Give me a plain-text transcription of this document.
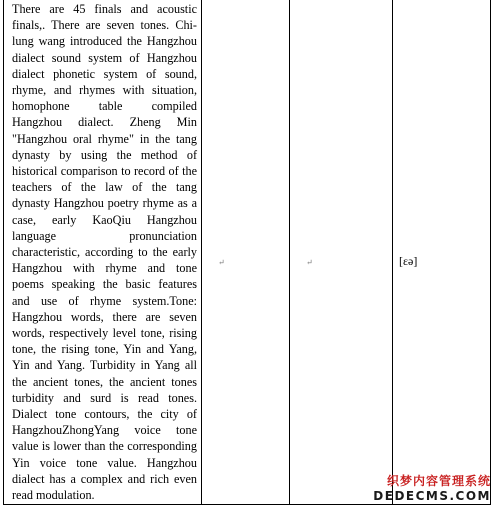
There are 45 finals and acoustic finals,. There are seven tones. Chi-lung wang introduced the Hangzhou dialect sound system of Hangzhou dialect phonetic system of sound, rhyme, and rhymes with situation, homophone table compiled Hangzhou dialect. Zheng Min "Hangzhou oral rhyme" in the tang dynasty by using the method of historical comparison to record of the teachers of the law of the tang dynasty Hangzhou poetry rhyme as a case, early KaoQiu Hangzhou language pronunciation characteristic, according to the early Hangzhou with rhyme and tone poems speaking the basic features and use of rhyme system.Tone: Hangzhou words, there are seven words, respectively level tone, rising tone, the rising tone, Yin and Yang, Yin and Yang. Turbidity in Yang all the ancient tones, the ancient tones turbidity and surd is read tones. Dialect tone contours, the city of HangzhouZhongYang voice tone value is lower than the corresponding Yin voice tone value. Hangzhou dialect has a complex and rich even read modulation.
↵	↵	[ɛə]
织梦内容管理系统
DEDECMS.COM
